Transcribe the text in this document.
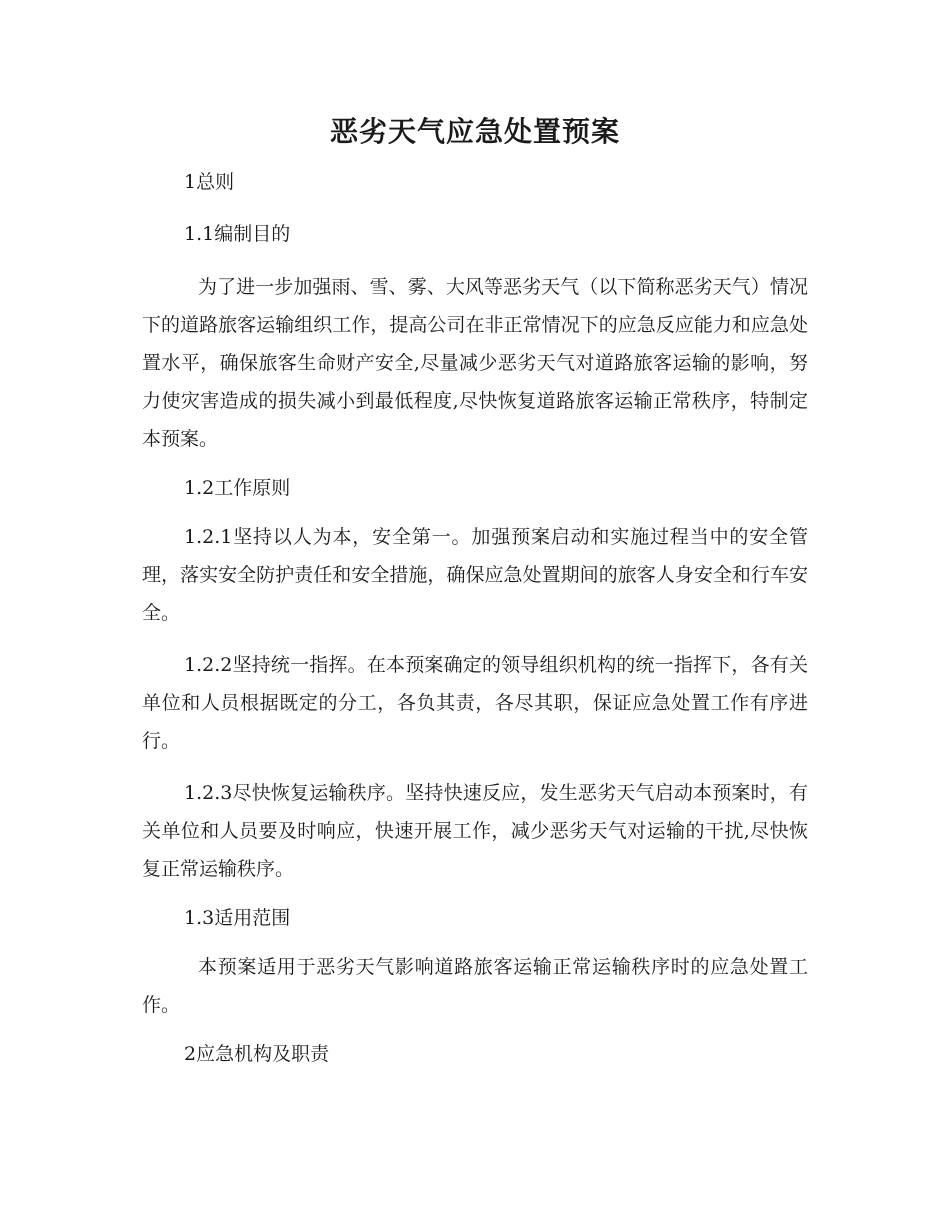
恶劣天气应急处置预案
1总则
1.1编制目的

为了进一步加强雨、雪、雾、大风等恶劣天气（以下简称恶劣天气）情况下的道路旅客运输组织工作，提高公司在非正常情况下的应急反应能力和应急处置水平，确保旅客生命财产安全,尽量减少恶劣天气对道路旅客运输的影响，努力使灾害造成的损失减小到最低程度,尽快恢复道路旅客运输正常秩序，特制定本预案。

1.2工作原则

1.2.1坚持以人为本，安全第一。加强预案启动和实施过程当中的安全管理，落实安全防护责任和安全措施，确保应急处置期间的旅客人身安全和行车安全。

1.2.2坚持统一指挥。在本预案确定的领导组织机构的统一指挥下，各有关单位和人员根据既定的分工，各负其责，各尽其职，保证应急处置工作有序进行。

1.2.3尽快恢复运输秩序。坚持快速反应，发生恶劣天气启动本预案时，有关单位和人员要及时响应，快速开展工作，减少恶劣天气对运输的干扰,尽快恢复正常运输秩序。

1.3适用范围

本预案适用于恶劣天气影响道路旅客运输正常运输秩序时的应急处置工作。

2应急机构及职责
